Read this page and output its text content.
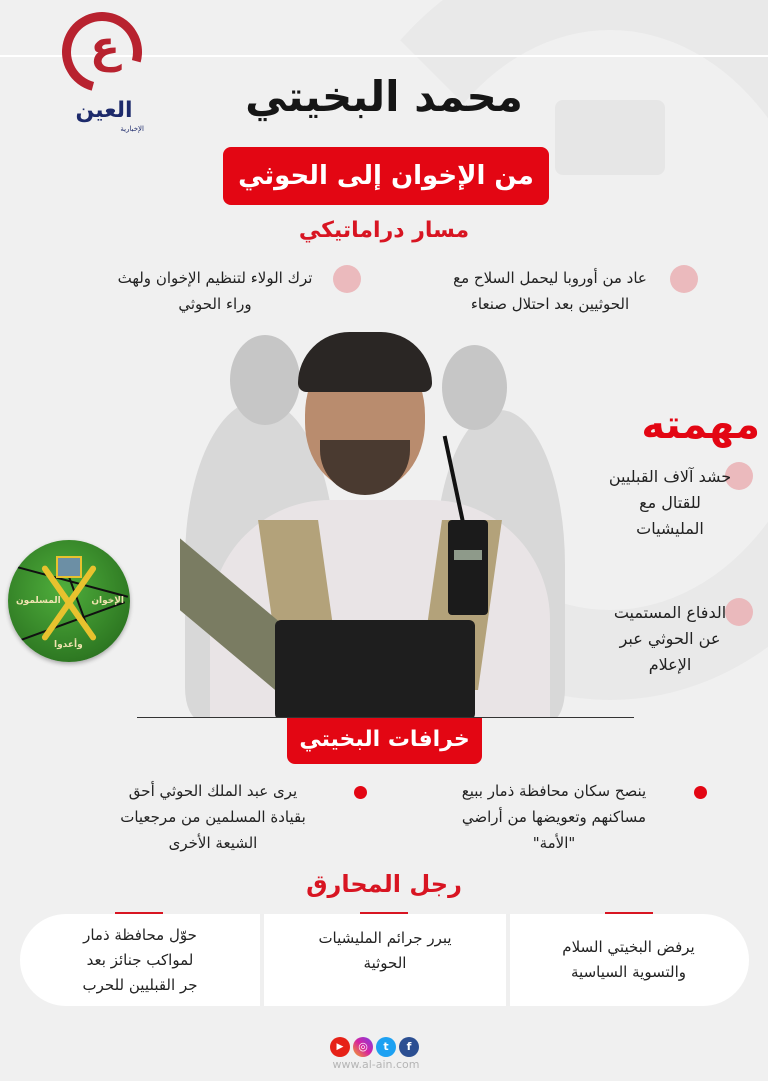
ع
العين
الإخبارية
محمد البخيتي
من الإخوان إلى الحوثي
مسار دراماتيكي
عاد من أوروبا ليحمل السلاح مع
الحوثيين بعد احتلال صنعاء
ترك الولاء لتنظيم الإخوان ولهث
وراء الحوثي
مهمته
حشد آلاف القبليين
للقتال مع
المليشيات
الدفاع المستميت
عن الحوثي عبر
الإعلام
الإخوان
المسلمون
وأعدوا
خرافات البخيتي
ينصح سكان محافظة ذمار ببيع
مساكنهم وتعويضها من أراضي
"الأمة"
يرى عبد الملك الحوثي أحق
بقيادة المسلمين من مرجعيات
الشيعة الأخرى
رجل المحارق
يرفض البخيتي السلام
والتسوية السياسية
يبرر جرائم المليشيات
الحوثية
حوّل محافظة ذمار
لمواكب جنائز بعد
جر القبليين للحرب
▶	◎	t	f
www.al-ain.com
